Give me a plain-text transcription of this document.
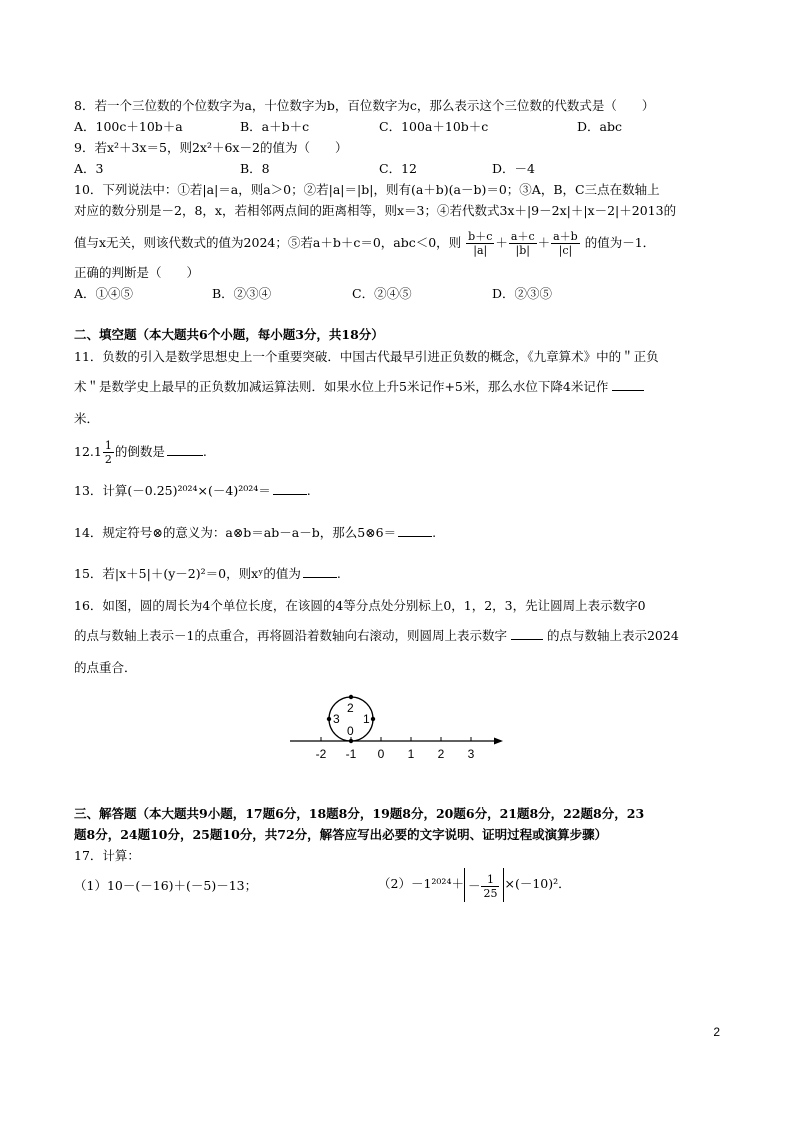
8．若一个三位数的个位数字为a，十位数字为b，百位数字为c，那么表示这个三位数的代数式是（　　）
A．100c＋10b＋a	B．a＋b＋c	C．100a＋10b＋c	D．abc
9．若x²＋3x＝5，则2x²＋6x－2的值为（　　）
A．3	B．8	C．12	D．－4
10．下列说法中：①若|a|＝a，则a＞0；②若|a|＝|b|，则有(a＋b)(a－b)＝0；③A，B，C三点在数轴上
对应的数分别是－2，8，x，若相邻两点间的距离相等，则x＝3；④若代数式3x＋|9－2x|＋|x－2|＋2013的
值与x无关，则该代数式的值为2024；⑤若a＋b＋c＝0，abc＜0，则 $\frac{b+c}{|a|} + \frac{a+c}{|b|} + \frac{a+b}{|c|}$ 的值为－1．
正确的判断是（　　）
A．①④⑤	B．②③④	C．②④⑤	D．②③⑤
二、填空题（本大题共6个小题，每小题3分，共18分）
11．负数的引入是数学思想史上一个重要突破．中国古代最早引进正负数的概念，《九章算术》中的＂正负
术＂是数学史上最早的正负数加减运算法则．如果水位上升5米记作+5米，那么水位下降4米记作
米．
$12.1 \frac{1}{2}$ 的倒数是	.
13．计算(－0.25)²⁰²⁴×(－4)²⁰²⁴＝	.
14．规定符号⊗的意义为：a⊗b＝ab－a－b，那么5⊗6＝	.
15．若|x＋5|＋(y－2)²＝0，则xʸ的值为	.
16．如图，圆的周长为4个单位长度，在该圆的4等分点处分别标上0，1，2，3，先让圆周上表示数字0
的点与数轴上表示－1的点重合，再将圆沿着数轴向右滚动，则圆周上表示数字	的点与数轴上表示2024
的点重合．
2
3 1
0
-2 -1 0 1 2 3
三、解答题（本大题共9小题，17题6分，18题8分，19题8分，20题6分，21题8分，22题8分，23
题8分，24题10分，25题10分，共72分，解答应写出必要的文字说明、证明过程或演算步骤）
17．计算：
（1）10－(－16)＋(－5)－13；	$(2)-1^{2024}+ - \frac{1}{25} \times(-10)^2$．
2
